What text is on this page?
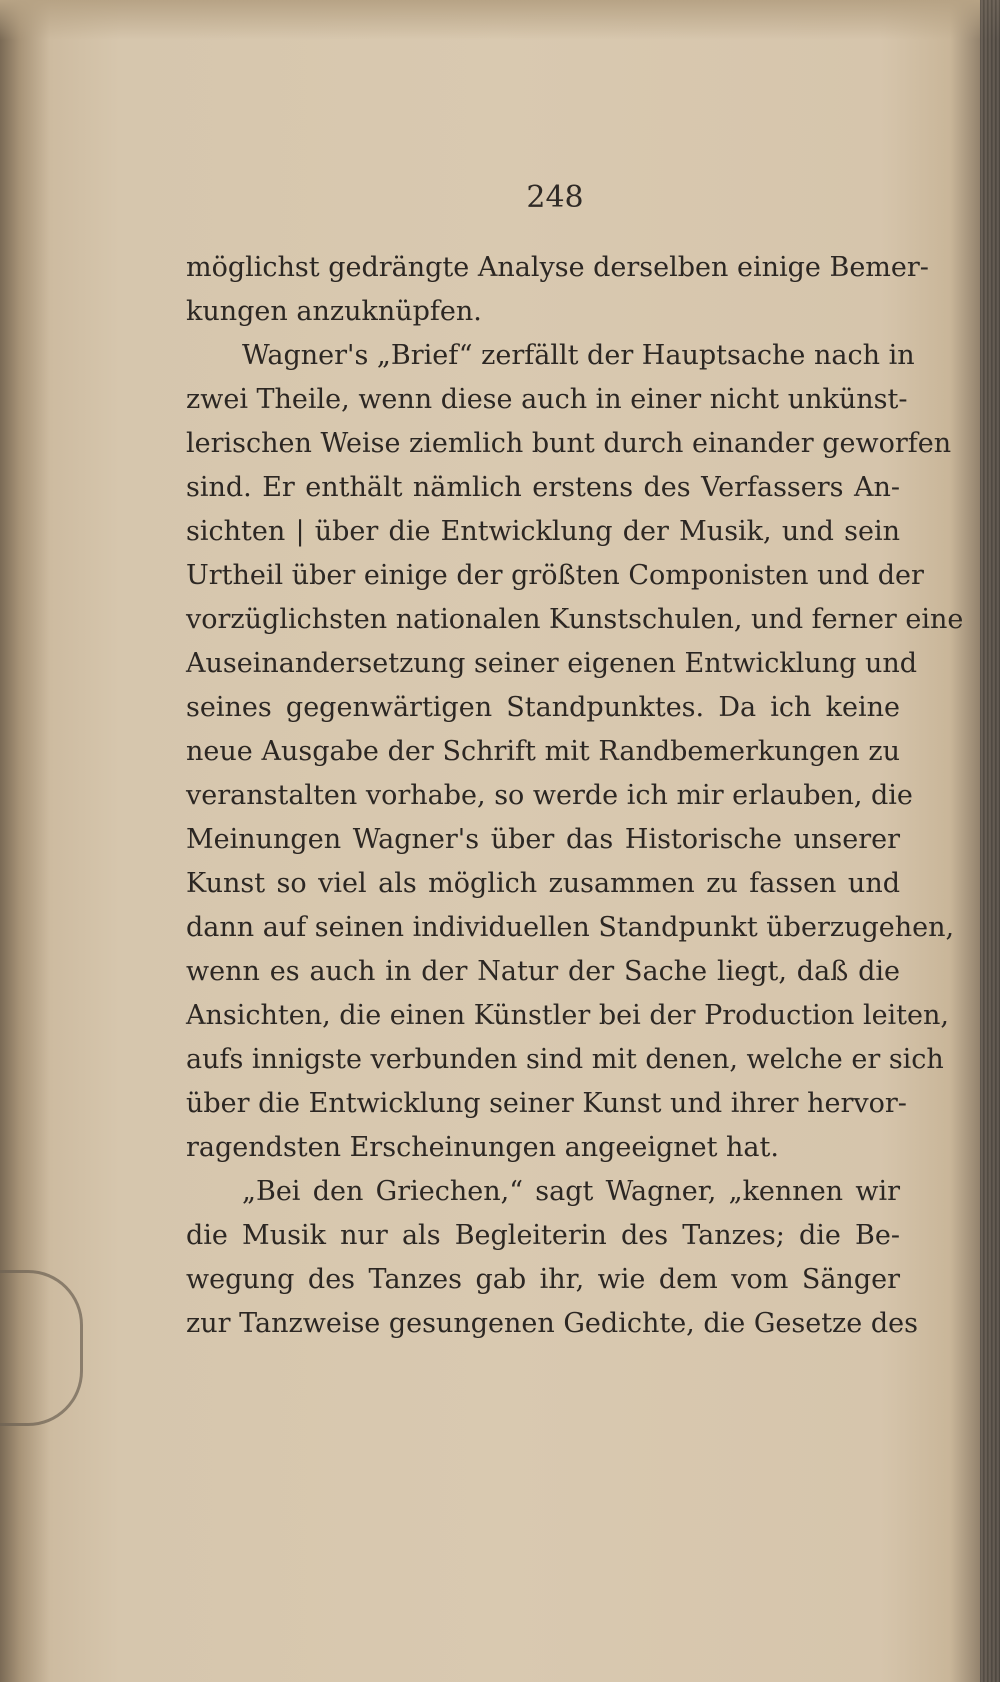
248
möglichst gedrängte Analyse derselben einige Bemer-
kungen anzuknüpfen.
Wagner's „Brief“ zerfällt der Hauptsache nach in
zwei Theile, wenn diese auch in einer nicht unkünst-
lerischen Weise ziemlich bunt durch einander geworfen
sind. Er enthält nämlich erstens des Verfassers An-
sichten | über die Entwicklung der Musik, und sein
Urtheil über einige der größten Componisten und der
vorzüglichsten nationalen Kunstschulen, und ferner eine
Auseinandersetzung seiner eigenen Entwicklung und
seines gegenwärtigen Standpunktes. Da ich keine
neue Ausgabe der Schrift mit Randbemerkungen zu
veranstalten vorhabe, so werde ich mir erlauben, die
Meinungen Wagner's über das Historische unserer
Kunst so viel als möglich zusammen zu fassen und
dann auf seinen individuellen Standpunkt überzugehen,
wenn es auch in der Natur der Sache liegt, daß die
Ansichten, die einen Künstler bei der Production leiten,
aufs innigste verbunden sind mit denen, welche er sich
über die Entwicklung seiner Kunst und ihrer hervor-
ragendsten Erscheinungen angeeignet hat.
„Bei den Griechen,“ sagt Wagner, „kennen wir
die Musik nur als Begleiterin des Tanzes; die Be-
wegung des Tanzes gab ihr, wie dem vom Sänger
zur Tanzweise gesungenen Gedichte, die Gesetze des
